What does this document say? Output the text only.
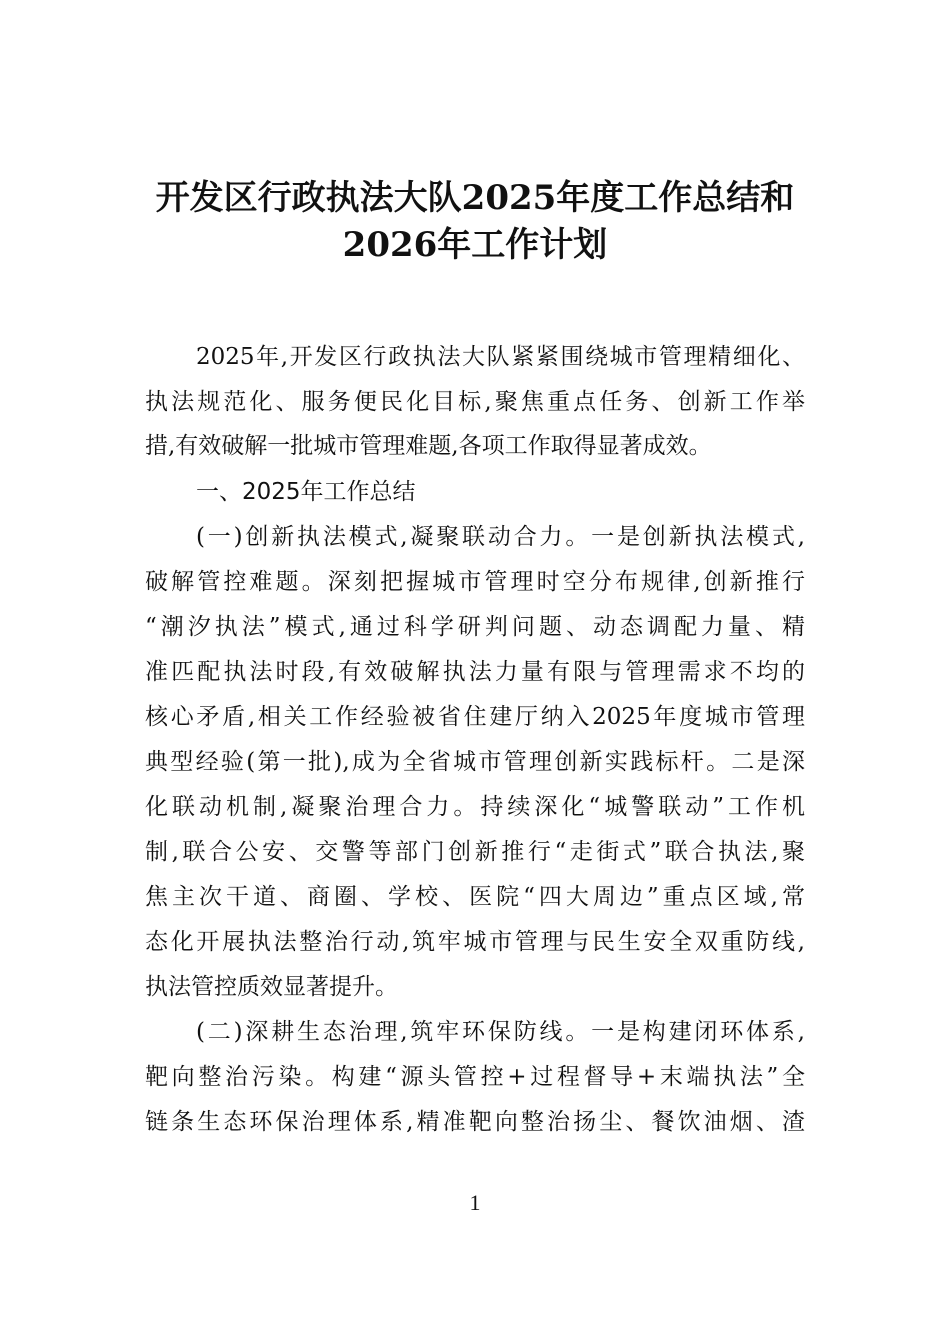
开发区行政执法大队2025年度工作总结和
2026年工作计划
2025年,开发区行政执法大队紧紧围绕城市管理精细化、
执法规范化、服务便民化目标,聚焦重点任务、创新工作举
措,有效破解一批城市管理难题,各项工作取得显著成效。
一、2025年工作总结
(一)创新执法模式,凝聚联动合力。一是创新执法模式,
破解管控难题。深刻把握城市管理时空分布规律,创新推行
“潮汐执法”模式,通过科学研判问题、动态调配力量、精
准匹配执法时段,有效破解执法力量有限与管理需求不均的
核心矛盾,相关工作经验被省住建厅纳入2025年度城市管理
典型经验(第一批),成为全省城市管理创新实践标杆。二是深
化联动机制,凝聚治理合力。持续深化“城警联动”工作机
制,联合公安、交警等部门创新推行“走街式”联合执法,聚
焦主次干道、商圈、学校、医院“四大周边”重点区域,常
态化开展执法整治行动,筑牢城市管理与民生安全双重防线,
执法管控质效显著提升。
(二)深耕生态治理,筑牢环保防线。一是构建闭环体系,
靶向整治污染。构建“源头管控+过程督导+末端执法”全
链条生态环保治理体系,精准靶向整治扬尘、餐饮油烟、渣
1
